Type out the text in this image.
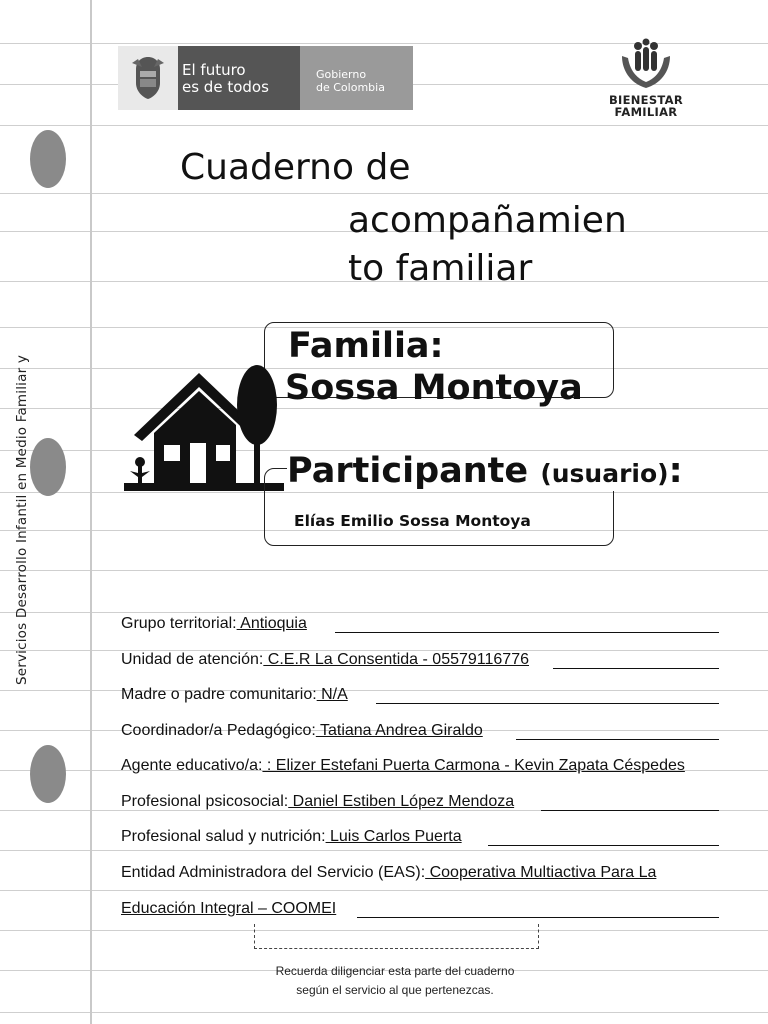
Servicios Desarrollo Infantil en Medio Familiar y
El futuro
es de todos
Gobierno
de Colombia
BIENESTAR
FAMILIAR
Cuaderno de
acompañamien
to familiar
Familia:
Sossa Montoya
Participante (usuario):
Elías Emilio Sossa Montoya
Grupo territorial: Antioquia
Unidad de atención: C.E.R La Consentida - 05579116776
Madre o padre comunitario: N/A
Coordinador/a Pedagógico: Tatiana Andrea Giraldo
Agente educativo/a: : Elizer Estefani Puerta Carmona - Kevin Zapata Céspedes
Profesional psicosocial: Daniel Estiben López Mendoza
Profesional salud y nutrición: Luis Carlos Puerta
Entidad Administradora del Servicio (EAS): Cooperativa Multiactiva Para La
Educación Integral – COOMEI
Recuerda diligenciar esta parte del cuaderno
según el servicio al que pertenezcas.
